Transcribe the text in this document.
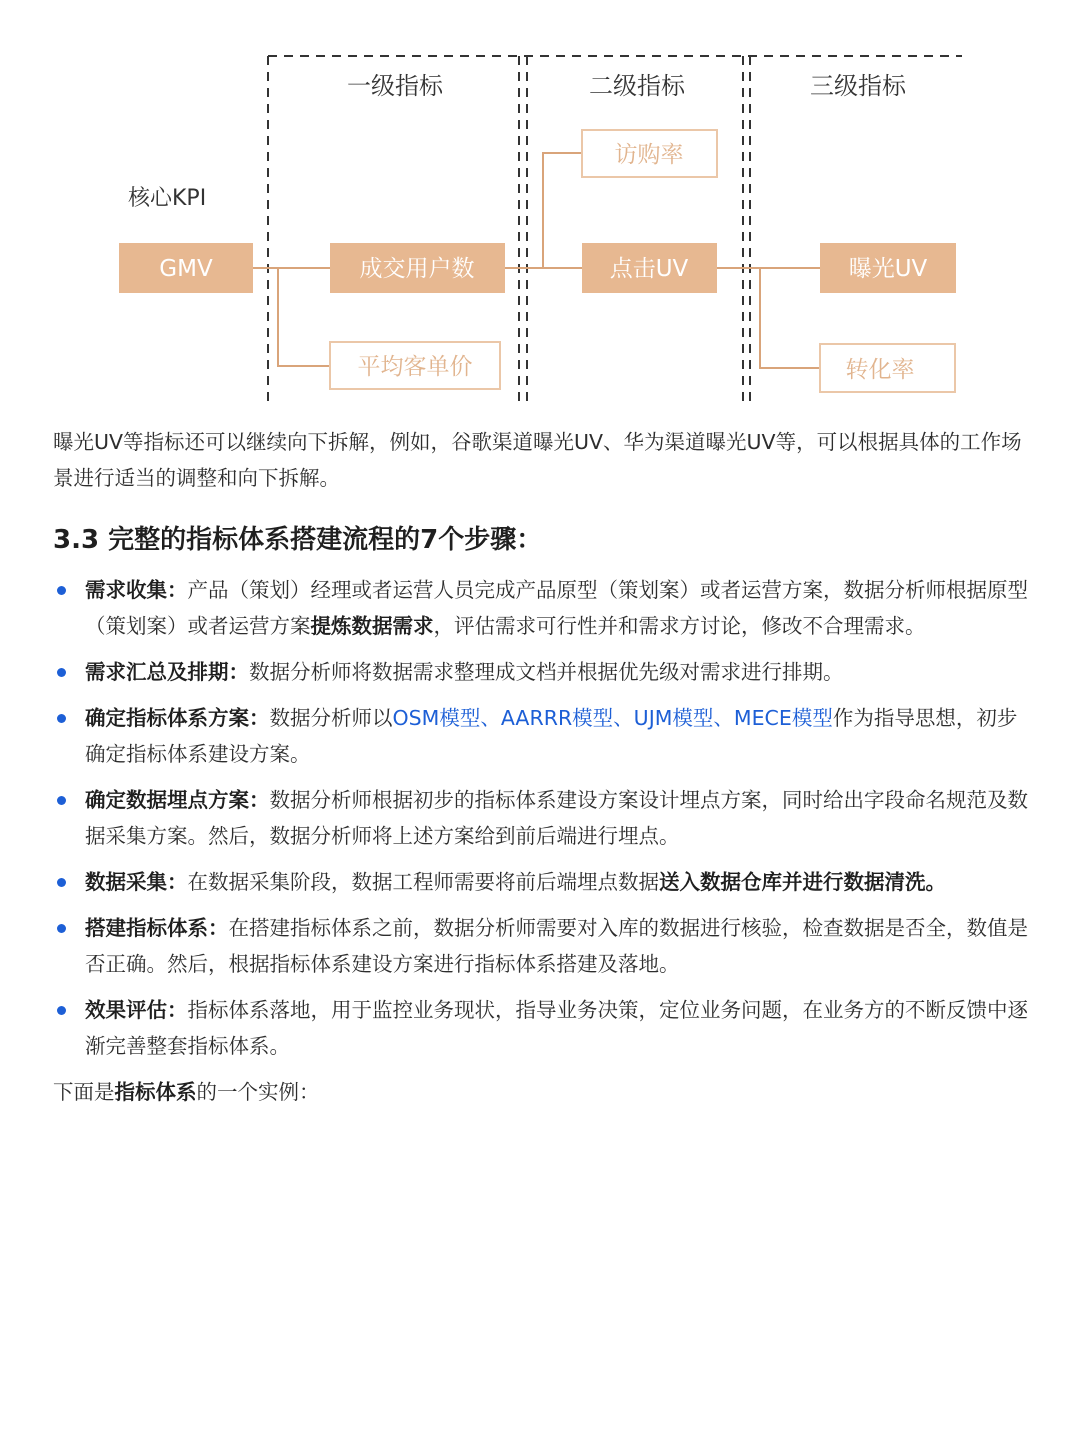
一级指标	二级指标	三级指标
核心KPI
GMV	成交用户数
平均客单价
访购率
点击UV	曝光UV
转化率

曝光UV等指标还可以继续向下拆解，例如，谷歌渠道曝光UV、华为渠道曝光UV等，可以根据具体的工作场景进行适当的调整和向下拆解。

3.3 完整的指标体系搭建流程的7个步骤：
需求收集：产品（策划）经理或者运营人员完成产品原型（策划案）或者运营方案，数据分析师根据原型（策划案）或者运营方案提炼数据需求，评估需求可行性并和需求方讨论，修改不合理需求。
需求汇总及排期：数据分析师将数据需求整理成文档并根据优先级对需求进行排期。
确定指标体系方案：数据分析师以OSM模型、AARRR模型、UJM模型、MECE模型作为指导思想，初步确定指标体系建设方案。
确定数据埋点方案：数据分析师根据初步的指标体系建设方案设计埋点方案，同时给出字段命名规范及数据采集方案。然后，数据分析师将上述方案给到前后端进行埋点。
数据采集：在数据采集阶段，数据工程师需要将前后端埋点数据送入数据仓库并进行数据清洗。
搭建指标体系：在搭建指标体系之前，数据分析师需要对入库的数据进行核验，检查数据是否全，数值是否正确。然后，根据指标体系建设方案进行指标体系搭建及落地。
效果评估：指标体系落地，用于监控业务现状，指导业务决策，定位业务问题，在业务方的不断反馈中逐渐完善整套指标体系。

下面是指标体系的一个实例：
